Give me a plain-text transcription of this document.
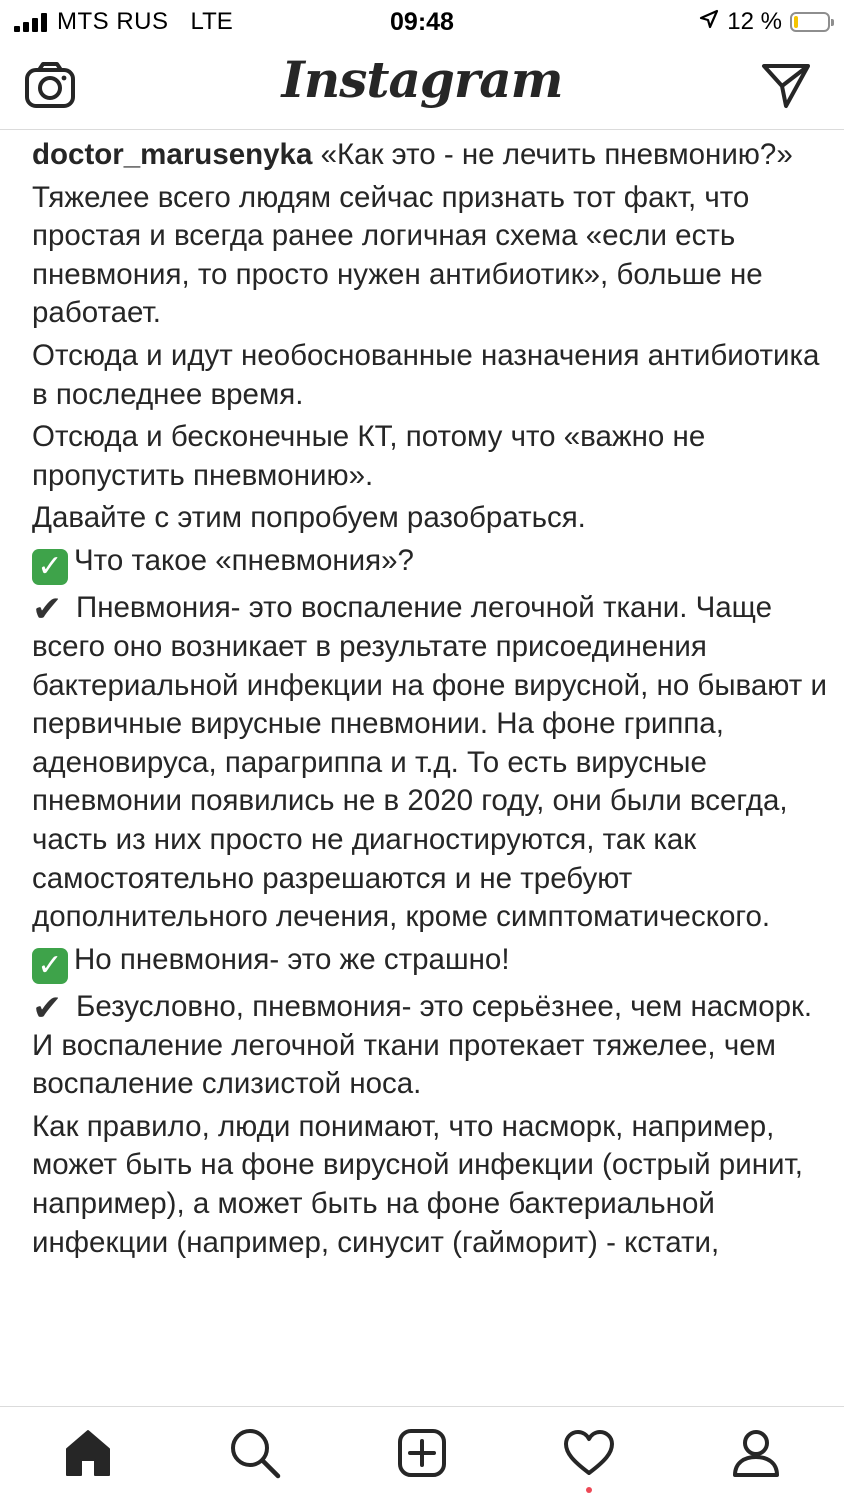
MTS RUS LTE	09:48	12 %
Instagram

doctor_marusenyka «Как это - не лечить пневмонию?»

Тяжелее всего людям сейчас признать тот факт, что простая и всегда ранее логичная схема «если есть пневмония, то просто нужен антибиотик», больше не работает.

Отсюда и идут необоснованные назначения антибиотика в последнее время.

Отсюда и бесконечные КТ, потому что «важно не пропустить пневмонию».

Давайте с этим попробуем разобраться.

✓ Что такое «пневмония»?

✔ Пневмония- это воспаление легочной ткани. Чаще всего оно возникает в результате присоединения бактериальной инфекции на фоне вирусной, но бывают и первичные вирусные пневмонии. На фоне гриппа, аденовируса, парагриппа и т.д. То есть вирусные пневмонии появились не в 2020 году, они были всегда, часть из них просто не диагностируются, так как самостоятельно разрешаются и не требуют дополнительного лечения, кроме симптоматического.

✓ Но пневмония- это же страшно!

✔ Безусловно, пневмония- это серьёзнее, чем насморк. И воспаление легочной ткани протекает тяжелее, чем воспаление слизистой носа.

Как правило, люди понимают, что насморк, например, может быть на фоне вирусной инфекции (острый ринит, например), а может быть на фоне бактериальной инфекции (например, синусит (гайморит) - кстати,
